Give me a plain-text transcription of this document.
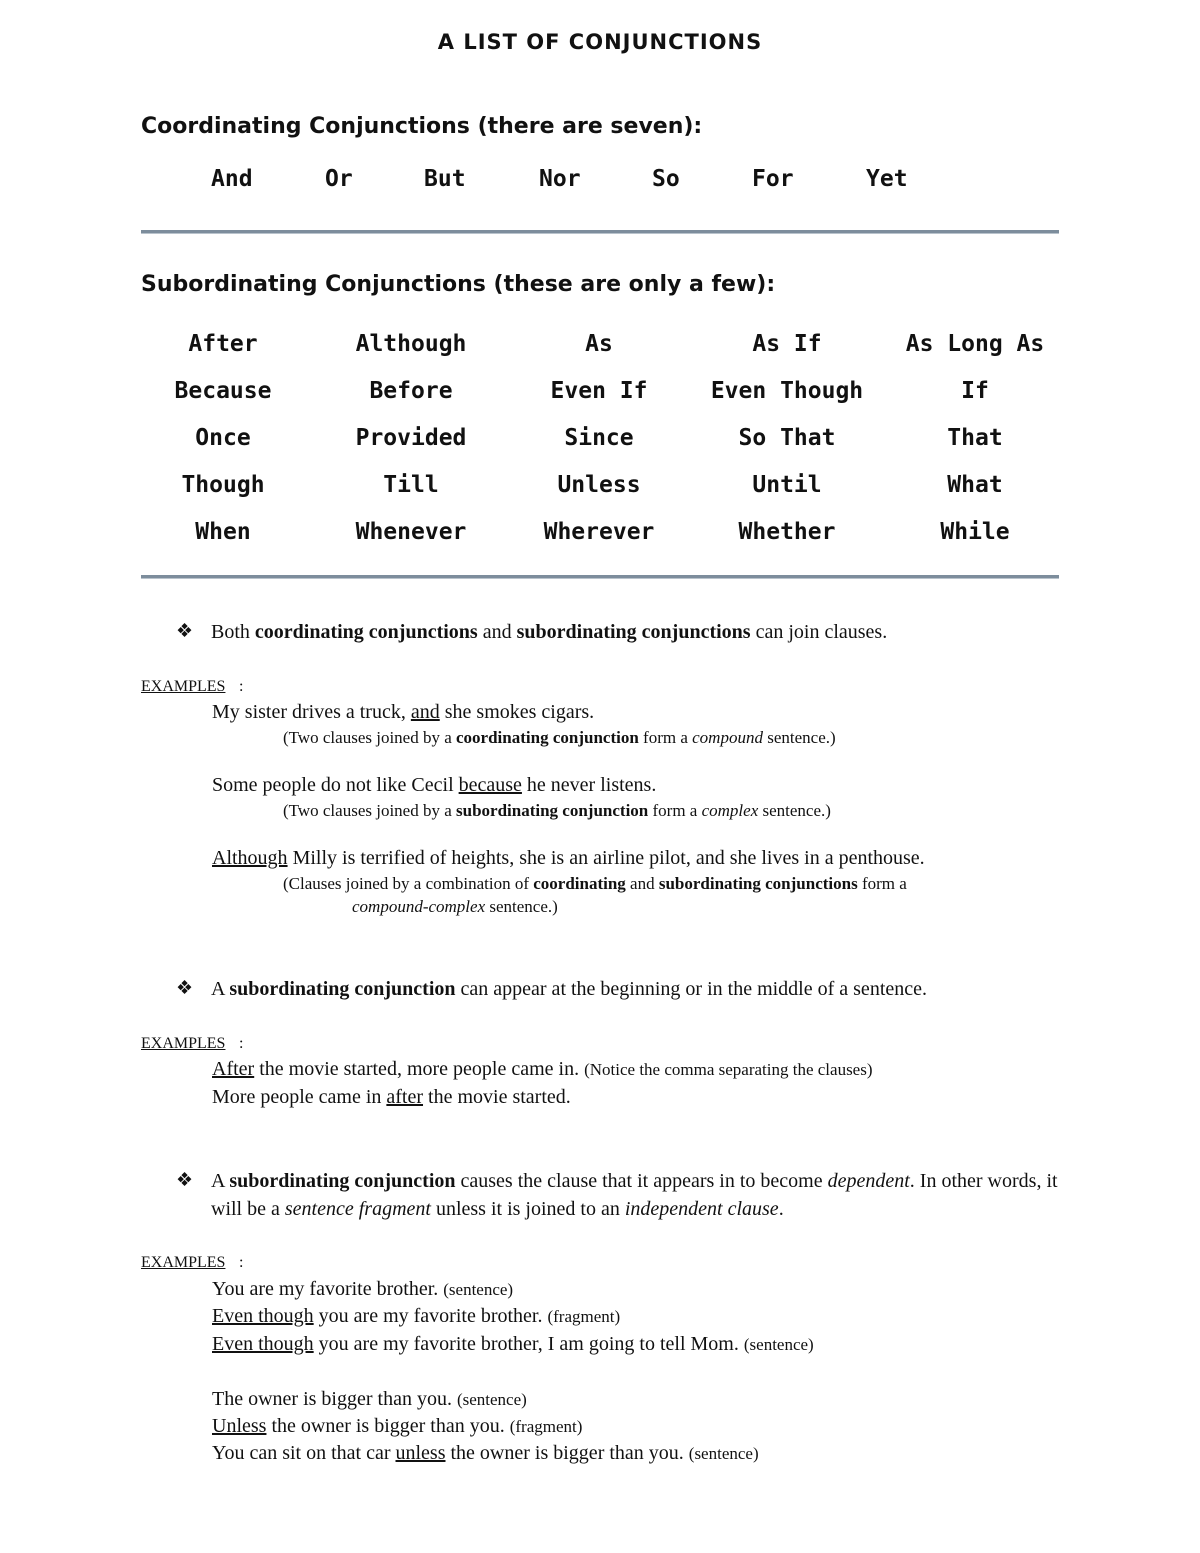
A LIST OF CONJUNCTIONS
Coordinating Conjunctions (there are seven):
And	Or	But	Nor	So	For	Yet
Subordinating Conjunctions (these are only a few):
After	Although	As	As If	As Long As
Because	Before	Even If	Even Though	If
Once	Provided	Since	So That	That
Though	Till	Unless	Until	What
When	Whenever	Wherever	Whether	While
❖ Both coordinating conjunctions and subordinating conjunctions can join clauses.
EXAMPLES :
My sister drives a truck, and she smokes cigars.
(Two clauses joined by a coordinating conjunction form a compound sentence.)
Some people do not like Cecil because he never listens.
(Two clauses joined by a subordinating conjunction form a complex sentence.)
Although Milly is terrified of heights, she is an airline pilot, and she lives in a penthouse.
(Clauses joined by a combination of coordinating and subordinating conjunctions form a
compound-complex sentence.)
❖ A subordinating conjunction can appear at the beginning or in the middle of a sentence.
EXAMPLES :
After the movie started, more people came in. (Notice the comma separating the clauses)
More people came in after the movie started.
❖ A subordinating conjunction causes the clause that it appears in to become dependent. In other words, it will be a sentence fragment unless it is joined to an independent clause.
EXAMPLES :
You are my favorite brother. (sentence)
Even though you are my favorite brother. (fragment)
Even though you are my favorite brother, I am going to tell Mom. (sentence)
The owner is bigger than you. (sentence)
Unless the owner is bigger than you. (fragment)
You can sit on that car unless the owner is bigger than you. (sentence)
